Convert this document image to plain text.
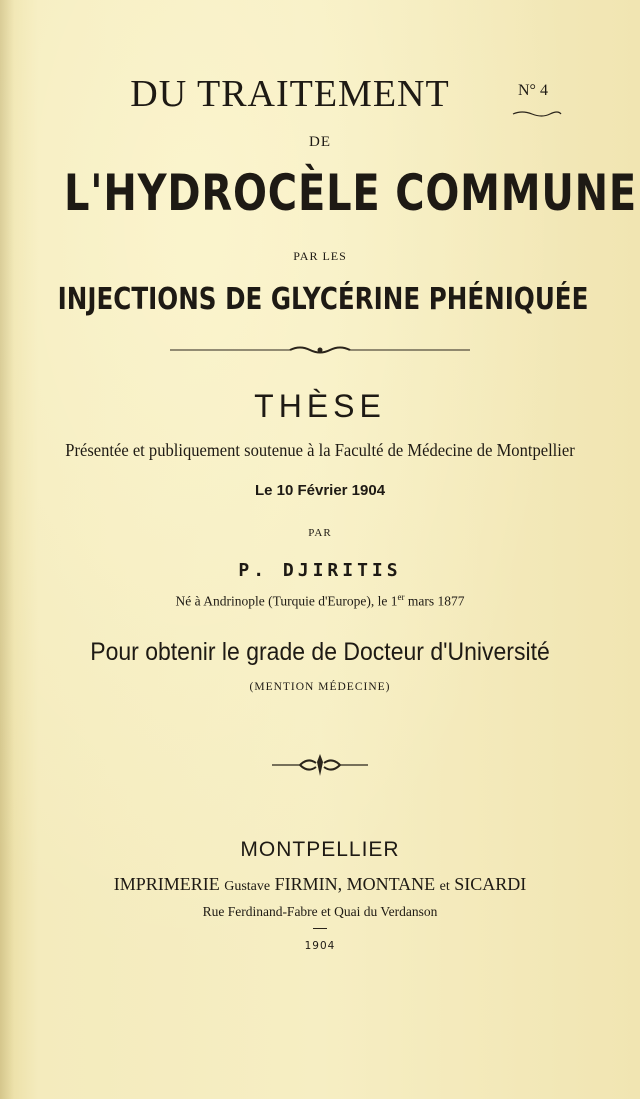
DU TRAITEMENT	N° 4
DE
L'HYDROCÈLE COMMUNE
PAR LES
INJECTIONS DE GLYCÉRINE PHÉNIQUÉE
THÈSE
Présentée et publiquement soutenue à la Faculté de Médecine de Montpellier
Le 10 Février 1904
PAR
P. DJIRITIS
Né à Andrinople (Turquie d'Europe), le 1er mars 1877
Pour obtenir le grade de Docteur d'Université
(MENTION MÉDECINE)
MONTPELLIER
IMPRIMERIE Gustave FIRMIN, MONTANE et SICARDI
Rue Ferdinand-Fabre et Quai du Verdanson
1904
